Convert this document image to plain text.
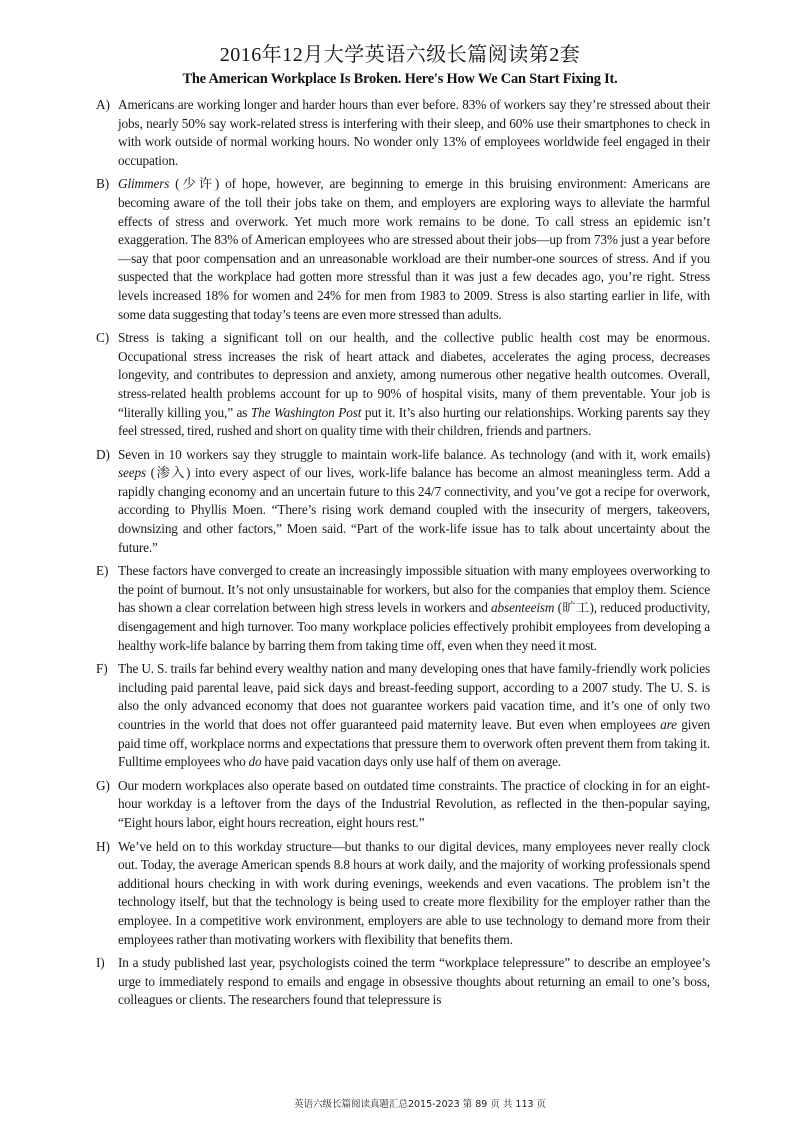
2016年12月大学英语六级长篇阅读第2套
The American Workplace Is Broken. Here's How We Can Start Fixing It.

A) Americans are working longer and harder hours than ever before. 83% of workers say they’re stressed about their jobs, nearly 50% say work-related stress is interfering with their sleep, and 60% use their smartphones to check in with work outside of normal working hours. No wonder only 13% of employees worldwide feel engaged in their occupation.

B) Glimmers (少许) of hope, however, are beginning to emerge in this bruising environment: Americans are becoming aware of the toll their jobs take on them, and employers are exploring ways to alleviate the harmful effects of stress and overwork. Yet much more work remains to be done. To call stress an epidemic isn’t exaggeration. The 83% of American employees who are stressed about their jobs—up from 73% just a year before—say that poor compensation and an unreasonable workload are their number-one sources of stress. And if you suspected that the workplace had gotten more stressful than it was just a few decades ago, you’re right. Stress levels increased 18% for women and 24% for men from 1983 to 2009. Stress is also starting earlier in life, with some data suggesting that today’s teens are even more stressed than adults.

C) Stress is taking a significant toll on our health, and the collective public health cost may be enormous. Occupational stress increases the risk of heart attack and diabetes, accelerates the aging process, decreases longevity, and contributes to depression and anxiety, among numerous other negative health outcomes. Overall, stress-related health problems account for up to 90% of hospital visits, many of them preventable. Your job is “literally killing you,” as The Washington Post put it. It’s also hurting our relationships. Working parents say they feel stressed, tired, rushed and short on quality time with their children, friends and partners.

D) Seven in 10 workers say they struggle to maintain work-life balance. As technology (and with it, work emails) seeps (渗入) into every aspect of our lives, work-life balance has become an almost meaningless term. Add a rapidly changing economy and an uncertain future to this 24/7 connectivity, and you’ve got a recipe for overwork, according to Phyllis Moen. “There’s rising work demand coupled with the insecurity of mergers, takeovers, downsizing and other factors,” Moen said. “Part of the work-life issue has to talk about uncertainty about the future.”

E) These factors have converged to create an increasingly impossible situation with many employees overworking to the point of burnout. It’s not only unsustainable for workers, but also for the companies that employ them. Science has shown a clear correlation between high stress levels in workers and absenteeism (旷工), reduced productivity, disengagement and high turnover. Too many workplace policies effectively prohibit employees from developing a healthy work-life balance by barring them from taking time off, even when they need it most.

F) The U. S. trails far behind every wealthy nation and many developing ones that have family-friendly work policies including paid parental leave, paid sick days and breast-feeding support, according to a 2007 study. The U. S. is also the only advanced economy that does not guarantee workers paid vacation time, and it’s one of only two countries in the world that does not offer guaranteed paid maternity leave. But even when employees are given paid time off, workplace norms and expectations that pressure them to overwork often prevent them from taking it. Fulltime employees who do have paid vacation days only use half of them on average.

G) Our modern workplaces also operate based on outdated time constraints. The practice of clocking in for an eight-hour workday is a leftover from the days of the Industrial Revolution, as reflected in the then-popular saying, “Eight hours labor, eight hours recreation, eight hours rest.”

H) We’ve held on to this workday structure—but thanks to our digital devices, many employees never really clock out. Today, the average American spends 8.8 hours at work daily, and the majority of working professionals spend additional hours checking in with work during evenings, weekends and even vacations. The problem isn’t the technology itself, but that the technology is being used to create more flexibility for the employer rather than the employee. In a competitive work environment, employers are able to use technology to demand more from their employees rather than motivating workers with flexibility that benefits them.

I)	In a study published last year, psychologists coined the term “workplace telepressure” to describe an employee’s urge to immediately respond to emails and engage in obsessive thoughts about returning an email to one’s boss, colleagues or clients. The researchers found that telepressure is

英语六级长篇阅读真题汇总2015-2023 第 89 页 共 113 页
